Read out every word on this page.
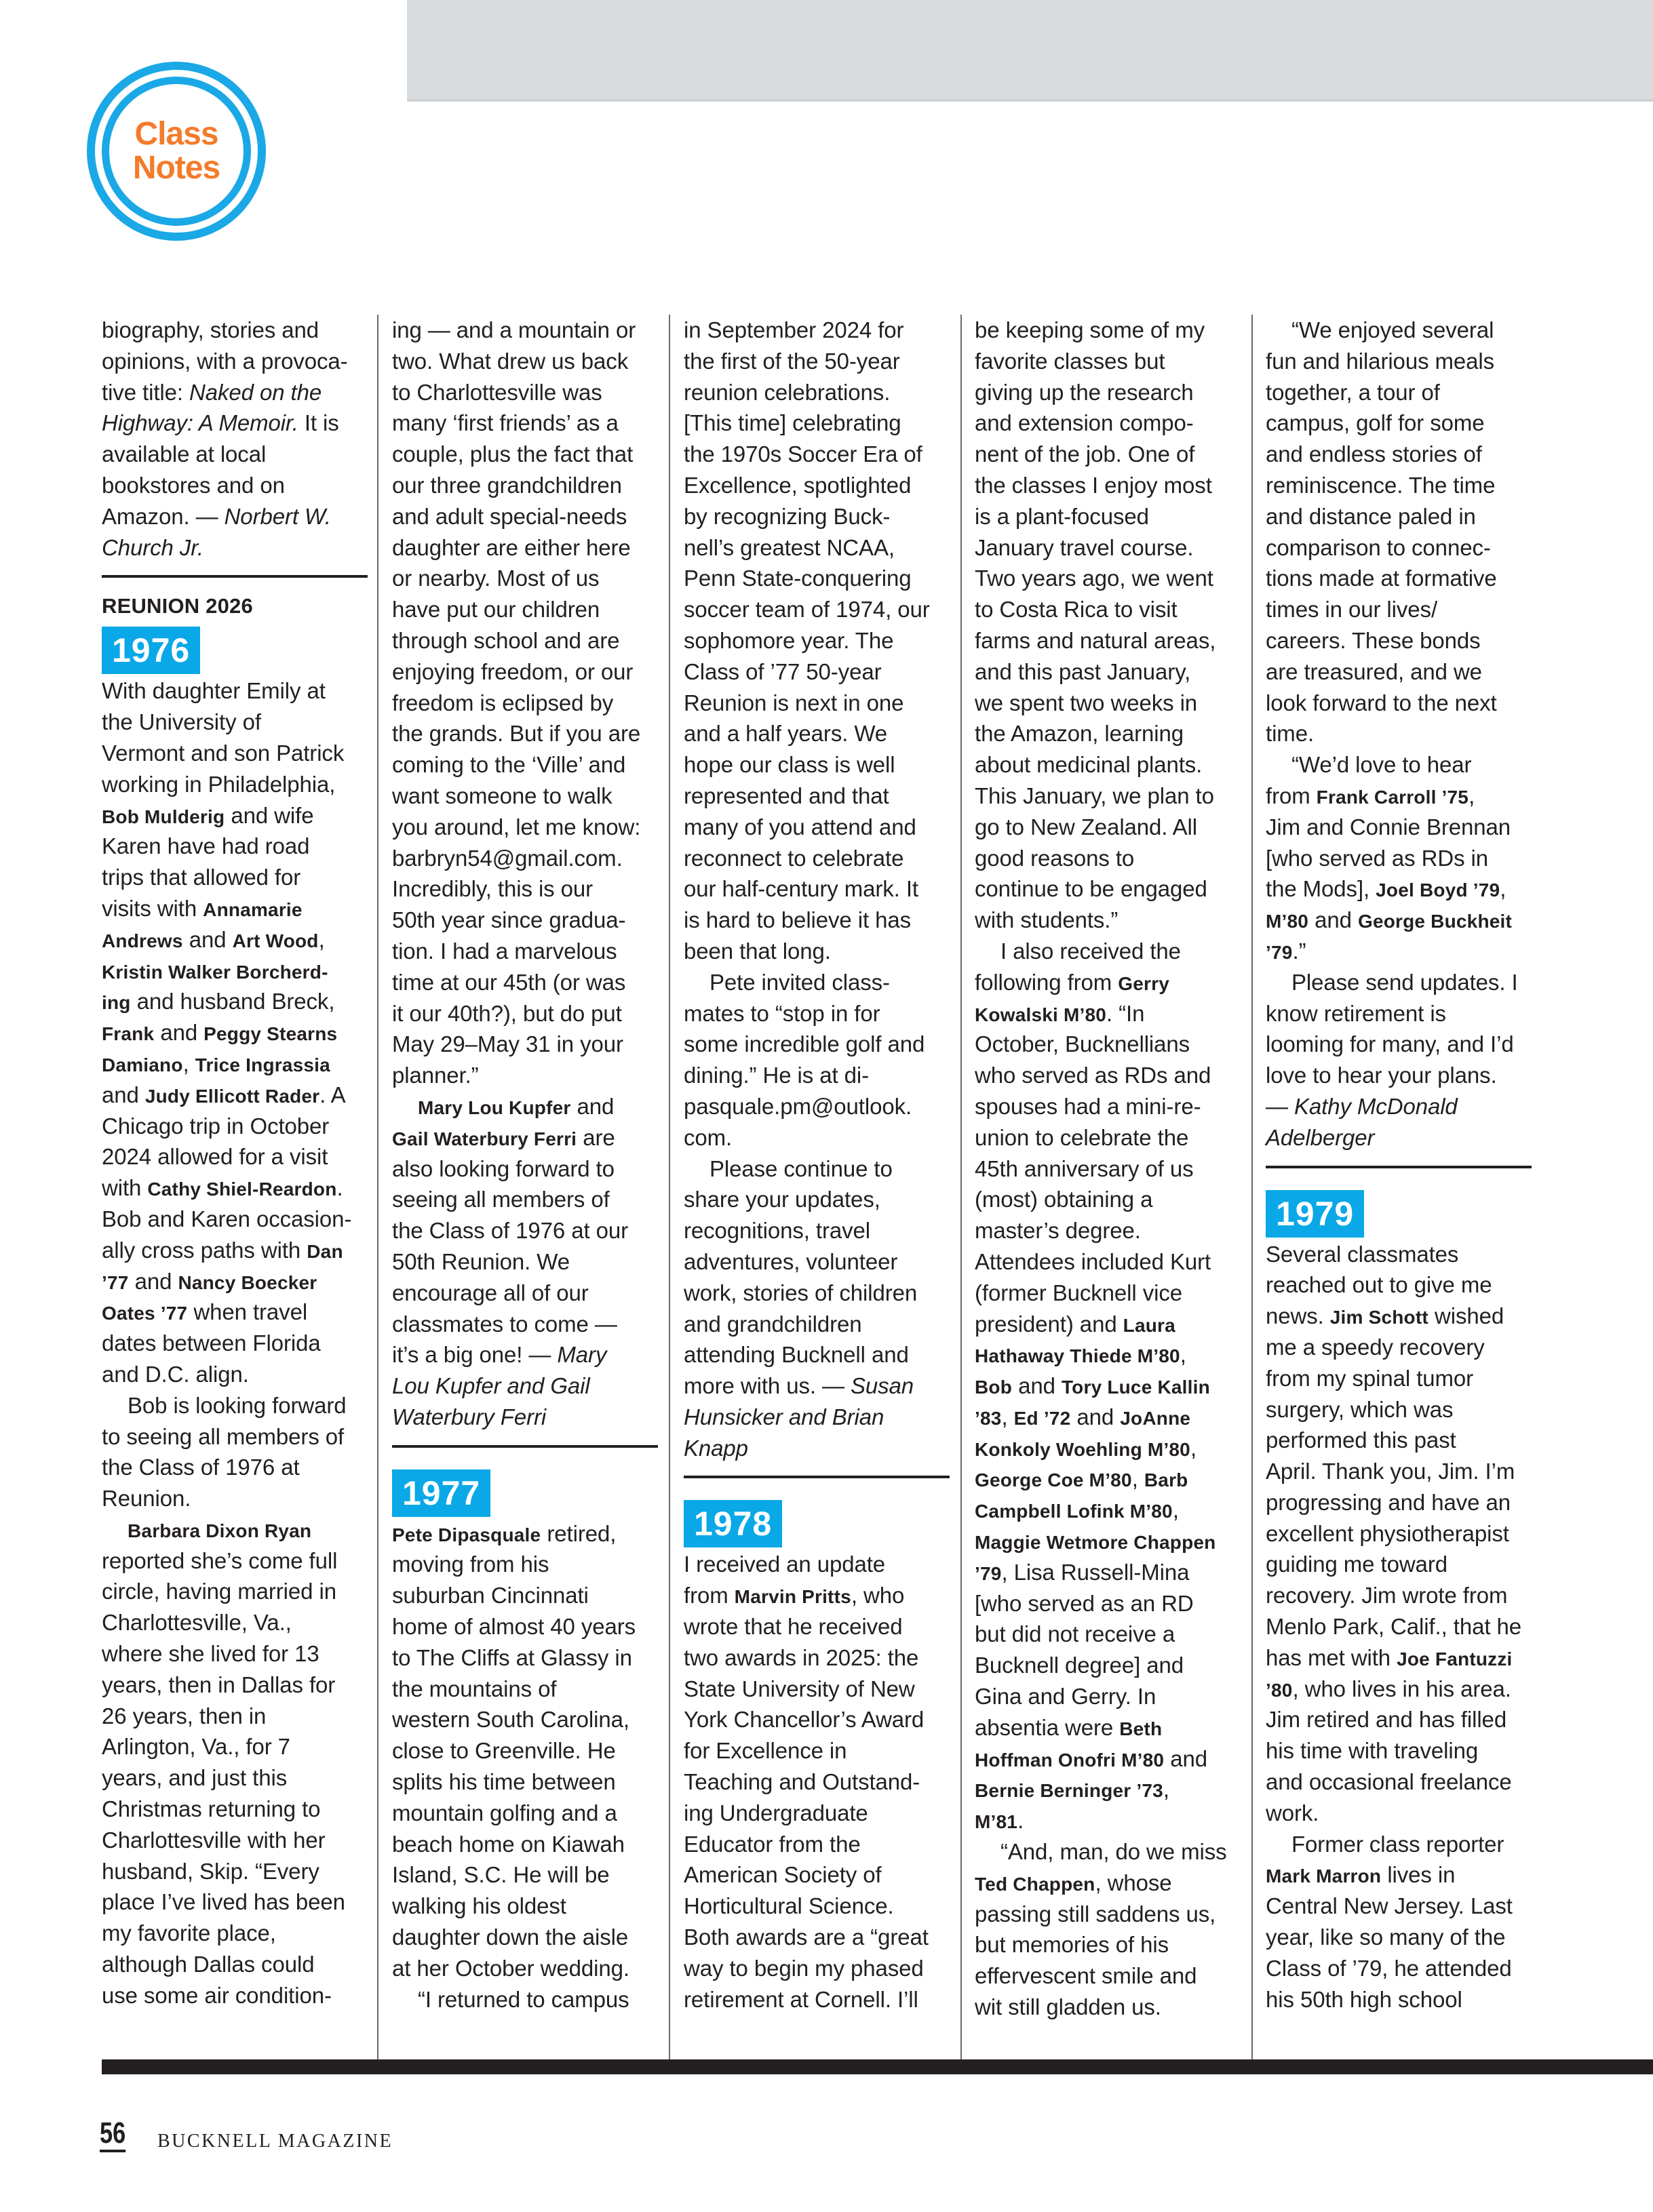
Class
Notes
biography, stories and
opinions, with a provoca-
tive title: Naked on the
Highway: A Memoir. It is
available at local
bookstores and on
Amazon. — Norbert W.
Church Jr.
REUNION 2026
1976
With daughter Emily at
the University of
Vermont and son Patrick
working in Philadelphia,
Bob Mulderig and wife
Karen have had road
trips that allowed for
visits with Annamarie
Andrews and Art Wood,
Kristin Walker Borcherd-
ing and husband Breck,
Frank and Peggy Stearns
Damiano, Trice Ingrassia
and Judy Ellicott Rader. A
Chicago trip in October
2024 allowed for a visit
with Cathy Shiel-Reardon.
Bob and Karen occasion-
ally cross paths with Dan
’77 and Nancy Boecker
Oates ’77 when travel
dates between Florida
and D.C. align.
Bob is looking forward
to seeing all members of
the Class of 1976 at
Reunion.
Barbara Dixon Ryan
reported she’s come full
circle, having married in
Charlottesville, Va.,
where she lived for 13
years, then in Dallas for
26 years, then in
Arlington, Va., for 7
years, and just this
Christmas returning to
Charlottesville with her
husband, Skip. “Every
place I’ve lived has been
my favorite place,
although Dallas could
use some air condition-
ing — and a mountain or
two. What drew us back
to Charlottesville was
many ‘first friends’ as a
couple, plus the fact that
our three grandchildren
and adult special-needs
daughter are either here
or nearby. Most of us
have put our children
through school and are
enjoying freedom, or our
freedom is eclipsed by
the grands. But if you are
coming to the ‘Ville’ and
want someone to walk
you around, let me know:
barbryn54@gmail.com.
Incredibly, this is our
50th year since gradua-
tion. I had a marvelous
time at our 45th (or was
it our 40th?), but do put
May 29–May 31 in your
planner.”
Mary Lou Kupfer and
Gail Waterbury Ferri are
also looking forward to
seeing all members of
the Class of 1976 at our
50th Reunion. We
encourage all of our
classmates to come —
it’s a big one! — Mary
Lou Kupfer and Gail
Waterbury Ferri
1977
Pete Dipasquale retired,
moving from his
suburban Cincinnati
home of almost 40 years
to The Cliffs at Glassy in
the mountains of
western South Carolina,
close to Greenville. He
splits his time between
mountain golfing and a
beach home on Kiawah
Island, S.C. He will be
walking his oldest
daughter down the aisle
at her October wedding.
“I returned to campus
in September 2024 for
the first of the 50-year
reunion celebrations.
[This time] celebrating
the 1970s Soccer Era of
Excellence, spotlighted
by recognizing Buck-
nell’s greatest NCAA,
Penn State-conquering
soccer team of 1974, our
sophomore year. The
Class of ’77 50-year
Reunion is next in one
and a half years. We
hope our class is well
represented and that
many of you attend and
reconnect to celebrate
our half-century mark. It
is hard to believe it has
been that long.
Pete invited class-
mates to “stop in for
some incredible golf and
dining.” He is at di-
pasquale.pm@outlook.
com.
Please continue to
share your updates,
recognitions, travel
adventures, volunteer
work, stories of children
and grandchildren
attending Bucknell and
more with us. — Susan
Hunsicker and Brian
Knapp
1978
I received an update
from Marvin Pritts, who
wrote that he received
two awards in 2025: the
State University of New
York Chancellor’s Award
for Excellence in
Teaching and Outstand-
ing Undergraduate
Educator from the
American Society of
Horticultural Science.
Both awards are a “great
way to begin my phased
retirement at Cornell. I’ll
be keeping some of my
favorite classes but
giving up the research
and extension compo-
nent of the job. One of
the classes I enjoy most
is a plant-focused
January travel course.
Two years ago, we went
to Costa Rica to visit
farms and natural areas,
and this past January,
we spent two weeks in
the Amazon, learning
about medicinal plants.
This January, we plan to
go to New Zealand. All
good reasons to
continue to be engaged
with students.”
I also received the
following from Gerry
Kowalski M’80. “In
October, Bucknellians
who served as RDs and
spouses had a mini-re-
union to celebrate the
45th anniversary of us
(most) obtaining a
master’s degree.
Attendees included Kurt
(former Bucknell vice
president) and Laura
Hathaway Thiede M’80,
Bob and Tory Luce Kallin
’83, Ed ’72 and JoAnne
Konkoly Woehling M’80,
George Coe M’80, Barb
Campbell Lofink M’80,
Maggie Wetmore Chappen
’79, Lisa Russell-Mina
[who served as an RD
but did not receive a
Bucknell degree] and
Gina and Gerry. In
absentia were Beth
Hoffman Onofri M’80 and
Bernie Berninger ’73,
M’81.
“And, man, do we miss
Ted Chappen, whose
passing still saddens us,
but memories of his
effervescent smile and
wit still gladden us.
“We enjoyed several
fun and hilarious meals
together, a tour of
campus, golf for some
and endless stories of
reminiscence. The time
and distance paled in
comparison to connec-
tions made at formative
times in our lives/
careers. These bonds
are treasured, and we
look forward to the next
time.
“We’d love to hear
from Frank Carroll ’75,
Jim and Connie Brennan
[who served as RDs in
the Mods], Joel Boyd ’79,
M’80 and George Buckheit
’79.”
Please send updates. I
know retirement is
looming for many, and I’d
love to hear your plans.
— Kathy McDonald
Adelberger
1979
Several classmates
reached out to give me
news. Jim Schott wished
me a speedy recovery
from my spinal tumor
surgery, which was
performed this past
April. Thank you, Jim. I’m
progressing and have an
excellent physiotherapist
guiding me toward
recovery. Jim wrote from
Menlo Park, Calif., that he
has met with Joe Fantuzzi
’80, who lives in his area.
Jim retired and has filled
his time with traveling
and occasional freelance
work.
Former class reporter
Mark Marron lives in
Central New Jersey. Last
year, like so many of the
Class of ’79, he attended
his 50th high school
56 BUCKNELL MAGAZINE
